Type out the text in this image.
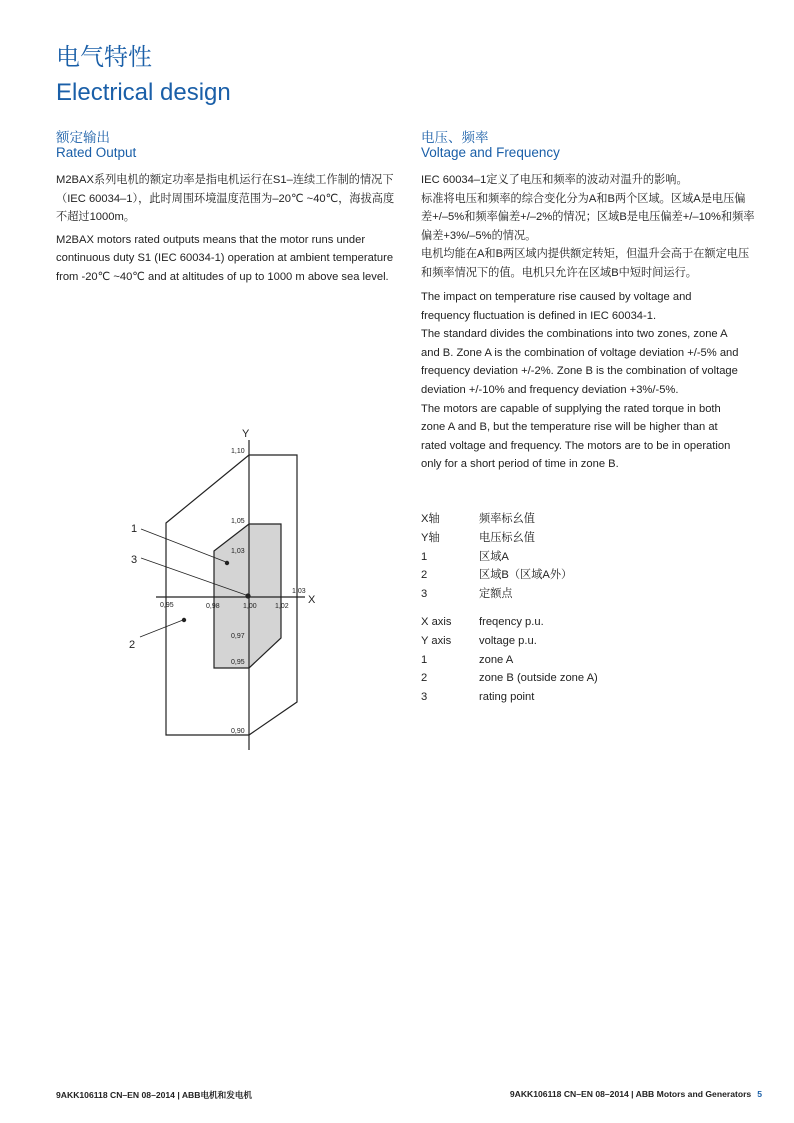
电气特性
Electrical design
额定输出
Rated Output

M2BAX系列电机的额定功率是指电机运行在S1–连续工作制的情况下（IEC 60034–1），此时周围环境温度范围为–20℃ ~40℃，海拔高度不超过1000m。

M2BAX motors rated outputs means that the motor runs under continuous duty S1 (IEC 60034-1) operation at ambient temperature from -20℃ ~40℃ and at altitudes of up to 1000 m above sea level.

电压、频率
Voltage and Frequency

IEC 60034–1定义了电压和频率的波动对温升的影响。

标准将电压和频率的综合变化分为A和B两个区域。区域A是电压偏差+/–5%和频率偏差+/–2%的情况；区域B是电压偏差+/–10%和频率偏差+3%/–5%的情况。

电机均能在A和B两区域内提供额定转矩，但温升会高于在额定电压和频率情况下的值。电机只允许在区域B中短时间运行。

The impact on temperature rise caused by voltage and frequency fluctuation is defined in IEC 60034-1.

The standard divides the combinations into two zones, zone A and B. Zone A is the combination of voltage deviation +/-5% and frequency deviation +/-2%. Zone B is the combination of voltage deviation +/-10% and frequency deviation +3%/-5%.

The motors are capable of supplying the rated torque in both zone A and B, but the temperature rise will be higher than at rated voltage and frequency. The motors are to be in operation only for a short period of time in zone B.

X轴	频率标幺值
Y轴	电压标幺值
1	区域A
2	区域B（区域A外）
3	定额点
X axis	freqency p.u.
Y axis	voltage p.u.
1	zone A
2	zone B (outside zone A)
3	rating point
Y
X
1,10
1,05
1,03
0,97
0,95
0,90
0,95	0,98	1,00	1,02
1,03
1
3
2
9AKK106118 CN–EN 08–2014 | ABB电机和发电机	9AKK106118 CN–EN 08–2014 | ABB Motors and Generators 5
